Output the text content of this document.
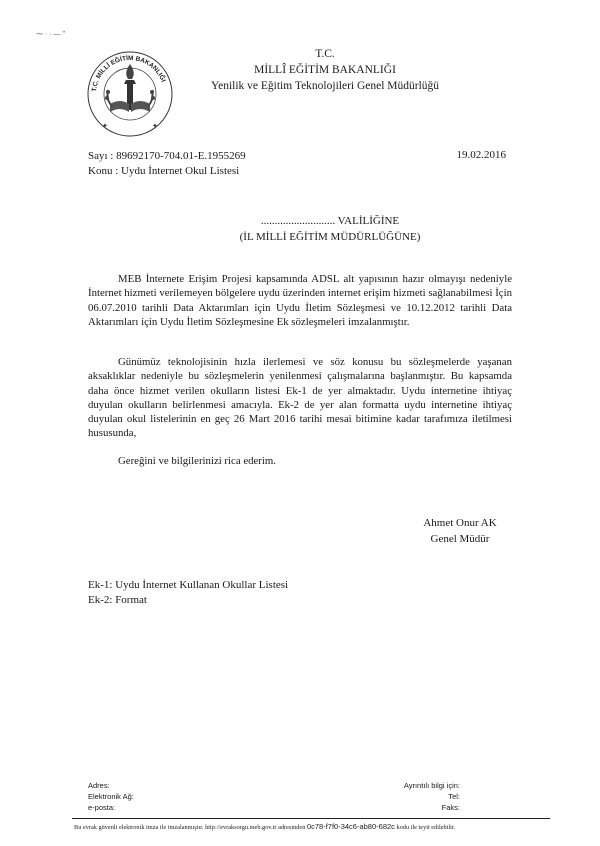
⁓ · · — ʺ
T.C. MİLLÎ EĞİTİM BAKANLIĞI
✦	✦
T.C.
MİLLÎ EĞİTİM BAKANLIĞI
Yenilik ve Eğitim Teknolojileri Genel Müdürlüğü
Sayı : 89692170-704.01-E.1955269
Konu : Uydu İnternet Okul Listesi
19.02.2016
........................... VALİLİĞİNE
(İL MİLLİ EĞİTİM MÜDÜRLÜĞÜNE)
MEB İnternete Erişim Projesi kapsamında ADSL alt yapısının hazır olmayışı nedeniyle İnternet hizmeti verilemeyen bölgelere uydu üzerinden internet erişim hizmeti sağlanabilmesi İçin 06.07.2010 tarihli Data Aktarımları için Uydu İletim Sözleşmesi ve 10.12.2012 tarihli Data Aktarımları için Uydu İletim Sözleşmesine Ek sözleşmeleri imzalanmıştır.
Günümüz teknolojisinin hızla ilerlemesi ve söz konusu bu sözleşmelerde yaşanan aksaklıklar nedeniyle bu sözleşmelerin yenilenmesi çalışmalarına başlanmıştır. Bu kapsamda daha önce hizmet verilen okulların listesi Ek-1 de yer almaktadır. Uydu internetine ihtiyaç duyulan okulların belirlenmesi amacıyla. Ek-2 de yer alan formatta uydu internetine ihtiyaç duyulan okul listelerinin en geç 26 Mart 2016 tarihi mesai bitimine kadar tarafımıza iletilmesi hususunda,
Gereğini ve bilgilerinizi rica ederim.
Ahmet Onur AK
Genel Müdür
Ek-1: Uydu İnternet Kullanan Okullar Listesi
Ek-2: Format
Adres:
Elektronik Ağ:
e-posta:
Ayrıntılı bilgi için:
Tel:
Faks:
Bu evrak güvenli elektronik imza ile imzalanmıştır. http://evraksorgu.meb.gov.tr adresinden 0c78-f7f0-34c6-ab80-682c kodu ile teyit edilebilir.
